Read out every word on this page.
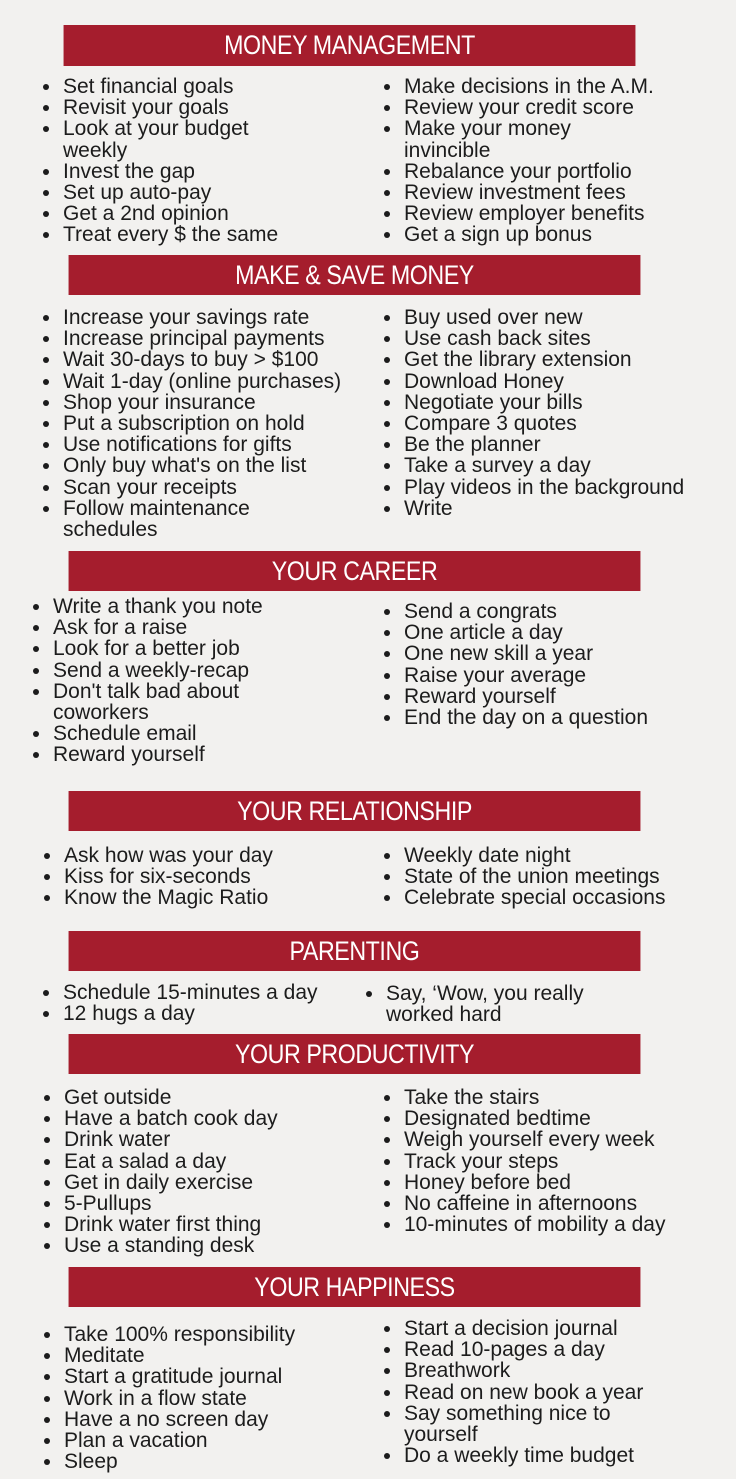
MONEY MANAGEMENT
Set financial goals
Revisit your goals
Look at your budget weekly
Invest the gap
Set up auto-pay
Get a 2nd opinion
Treat every $ the same
Make decisions in the A.M.
Review your credit score
Make your money invincible
Rebalance your portfolio
Review investment fees
Review employer benefits
Get a sign up bonus
MAKE & SAVE MONEY
Increase your savings rate
Increase principal payments
Wait 30-days to buy > $100
Wait 1-day (online purchases)
Shop your insurance
Put a subscription on hold
Use notifications for gifts
Only buy what's on the list
Scan your receipts
Follow maintenance schedules
Buy used over new
Use cash back sites
Get the library extension
Download Honey
Negotiate your bills
Compare 3 quotes
Be the planner
Take a survey a day
Play videos in the background
Write
YOUR CAREER
Write a thank you note
Ask for a raise
Look for a better job
Send a weekly-recap
Don't talk bad about coworkers
Schedule email
Reward yourself
Send a congrats
One article a day
One new skill a year
Raise your average
Reward yourself
End the day on a question
YOUR RELATIONSHIP
Ask how was your day
Kiss for six-seconds
Know the Magic Ratio
Weekly date night
State of the union meetings
Celebrate special occasions
PARENTING
Schedule 15-minutes a day
12 hugs a day
Say, ‘Wow, you really worked hard
YOUR PRODUCTIVITY
Get outside
Have a batch cook day
Drink water
Eat a salad a day
Get in daily exercise
5-Pullups
Drink water first thing
Use a standing desk
Take the stairs
Designated bedtime
Weigh yourself every week
Track your steps
Honey before bed
No caffeine in afternoons
10-minutes of mobility a day
YOUR HAPPINESS
Take 100% responsibility
Meditate
Start a gratitude journal
Work in a flow state
Have a no screen day
Plan a vacation
Sleep
Start a decision journal
Read 10-pages a day
Breathwork
Read on new book a year
Say something nice to yourself
Do a weekly time budget
